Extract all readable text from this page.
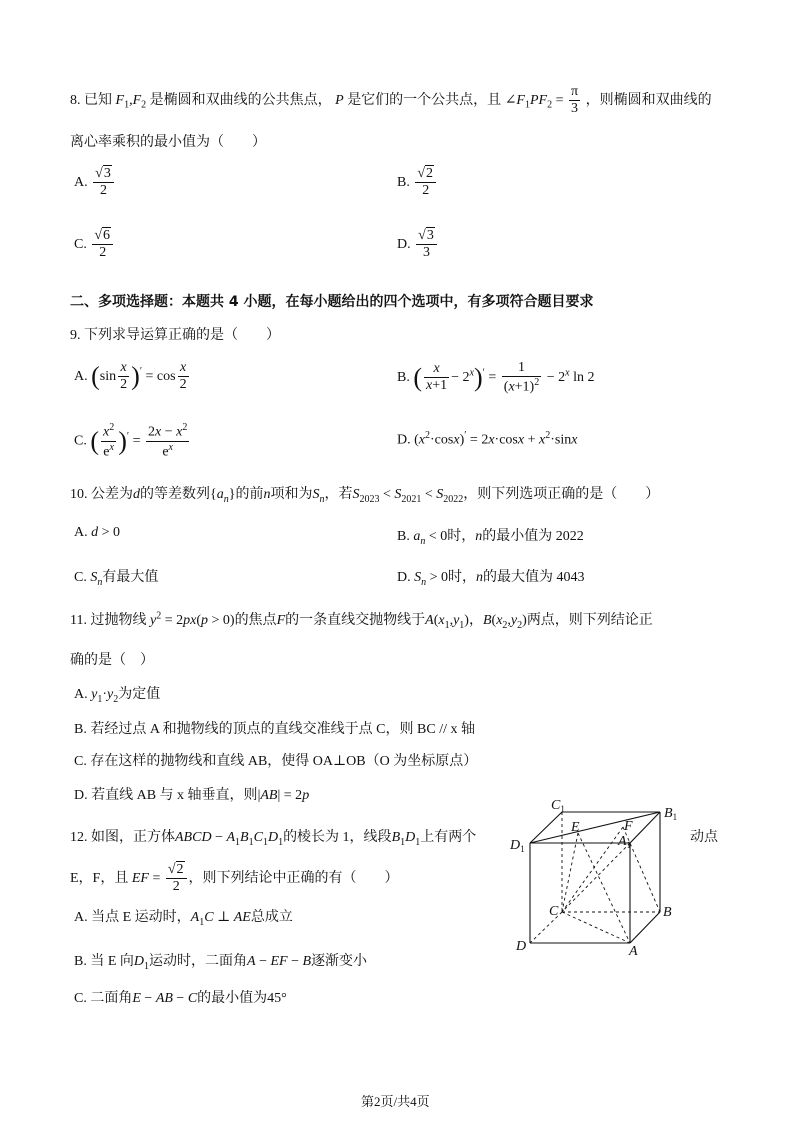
8. 已知 $F_1,F_2$ 是椭圆和双曲线的公共焦点， P 是它们的一个公共点，且 $\angle F_1PF_2 = \frac{\pi}{3}$ ，则椭圆和双曲线的
离心率乘积的最小值为（　　）
A. $\frac{√3}{2}$	B. $\frac{√2}{2}$
C. $\frac{√6}{2}$	D. $\frac{√3}{3}$
二、多项选择题：本题共 4 小题，在每小题给出的四个选项中，有多项符合题目要求
9. 下列求导运算正确的是（　　）
A. $(\sin \frac{x}{2} )' = \cos \frac{x}{2}$	B. ( $\frac{x}{x+1} - 2^x)' = \frac{1}{(x+1)^2} - 2^x$ ln 2
C. ( $\frac{x^2}{e^x} )' = \frac{2x - x^2}{e^x}$	D. $(x^2\cdot\cos x)' = 2x\cdot\cos x + x^2\cdot\sin x$
10. 公差为d的等差数列$\{a_n\}$的前n项和为$S_n$，若$S_{2023} < S_{2021} < S_{2022}$，则下列选项正确的是（　　）
A. d > 0	B. $a_n < 0$时，n的最小值为 2022
C. $S_n$有最大值	D. $S_n > 0$时，n的最大值为 4043
11. 过抛物线 $y^2 = 2px(p > 0)$的焦点F的一条直线交抛物线于$A(x_1,y_1)$，$B(x_2,y_2)$两点，则下列结论正
确的是（　）
A. $y_1\cdot y_2$为定值
B. 若经过点 A 和抛物线的顶点的直线交准线于点 C，则 BC // x 轴
C. 存在这样的抛物线和直线 AB，使得 OA⊥OB（O 为坐标原点）
D. 若直线 AB 与 x 轴垂直，则|AB| = 2p
12. 如图，正方体ABCD − $A_1B_1C_1D_1$的棱长为 1，线段$B_1D_1$上有两个	动点
E，F，且 EF = $\frac{√2}{2}$ ，则下列结论中正确的有（　　）
A. 当点 E 运动时，$A_1C$ ⊥ AE总成立
B. 当 E 向$D_1$运动时，二面角A − EF − B逐渐变小
C. 二面角E − AB − C的最小值为45°
$C_1$	$B_1$
$D_1$
E	F
$A_1$
C	B
D	A
第2页/共4页
